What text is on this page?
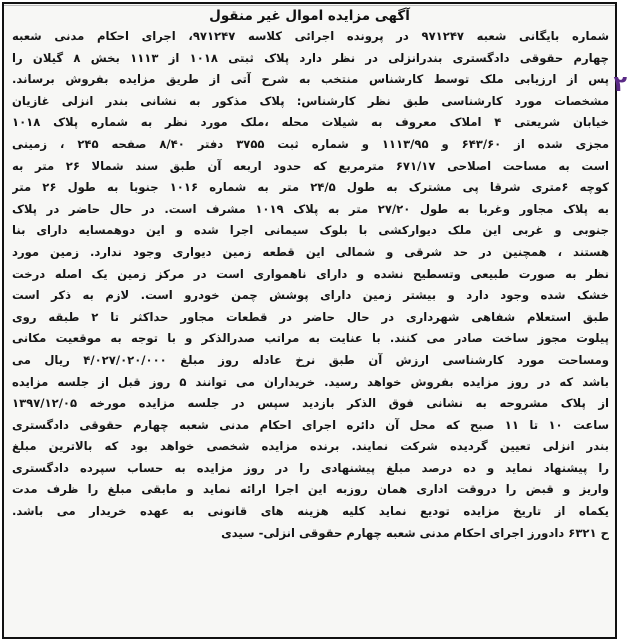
آگهی مزایده اموال غیر منقول
شماره بایگانی شعبه ۹۷۱۲۴۷ در پرونده اجرائی کلاسه ۹۷۱۲۴۷، اجرای احکام مدنی شعبه
چهارم حقوقی دادگستری بندرانزلی در نظر دارد پلاک ثبتی ۱۰۱۸ از ۱۱۱۳ بخش ۸ گیلان را
پس از ارزیابی ملک توسط کارشناس منتخب به شرح آتی از طریق مزایده بفروش برساند.
مشخصات مورد کارشناسی طبق نظر کارشناس: پلاک مذکور به نشانی بندر انزلی غازیان
خیابان شریعتی ۴ املاک معروف به شیلات محله ،ملک مورد نظر به شماره پلاک ۱۰۱۸
مجزی شده از ۶۴۳/۶۰ و ۱۱۱۳/۹۵ و شماره ثبت ۳۷۵۵ دفتر ۸/۴۰ صفحه ۲۴۵ ، زمینی
است به مساحت اصلاحی ۶۷۱/۱۷ مترمربع که حدود اربعه آن طبق سند شمالا ۲۶ متر به
کوچه ۶متری شرقا پی مشترک به طول ۲۴/۵ متر به شماره ۱۰۱۶ جنوبا به طول ۲۶ متر
به پلاک مجاور وغربا به طول ۲۷/۲۰ متر به پلاک ۱۰۱۹ مشرف است. در حال حاضر در پلاک
جنوبی و غربی این ملک دیوارکشی با بلوک سیمانی اجرا شده و این دوهمسایه دارای بنا
هستند ، همچنین در حد شرقی و شمالی این قطعه زمین دیواری وجود ندارد. زمین مورد
نظر به صورت طبیعی وتسطیح نشده و دارای ناهمواری است در مرکز زمین یک اصله درخت
خشک شده وجود دارد و بیشتر زمین دارای پوشش چمن خودرو است. لازم به ذکر است
طبق استعلام شفاهی شهرداری در حال حاضر در قطعات مجاور حداکثر تا ۲ طبقه روی
پیلوت مجوز ساخت صادر می کنند. با عنایت به مراتب صدرالذکر و با توجه به موقعیت مکانی
ومساحت مورد کارشناسی ارزش آن طبق نرخ عادله روز مبلغ ۴/۰۲۷/۰۲۰/۰۰۰ ریال می
باشد که در روز مزایده بفروش خواهد رسید. خریداران می توانند ۵ روز قبل از جلسه مزایده
از پلاک مشروحه به نشانی فوق الذکر بازدید سپس در جلسه مزایده مورخه ۱۳۹۷/۱۲/۰۵
ساعت ۱۰ تا ۱۱ صبح که محل آن دائره اجرای احکام مدنی شعبه چهارم حقوقی دادگستری
بندر انزلی تعیین گردیده شرکت نمایند. برنده مزایده شخصی خواهد بود که بالاترین مبلغ
را پیشنهاد نماید و ده درصد مبلغ پیشنهادی را در روز مزایده به حساب سپرده دادگستری
واریز و قبض را دروقت اداری همان روزبه این اجرا ارائه نماید و مابقی مبلغ را ظرف مدت
یکماه از تاریخ مزایده تودیع نماید کلیه هزینه های قانونی به عهده خریدار می باشد.
ح ۶۳۲۱ دادورز اجرای احکام مدنی شعبه چهارم حقوقی انزلی- سیدی
۲
